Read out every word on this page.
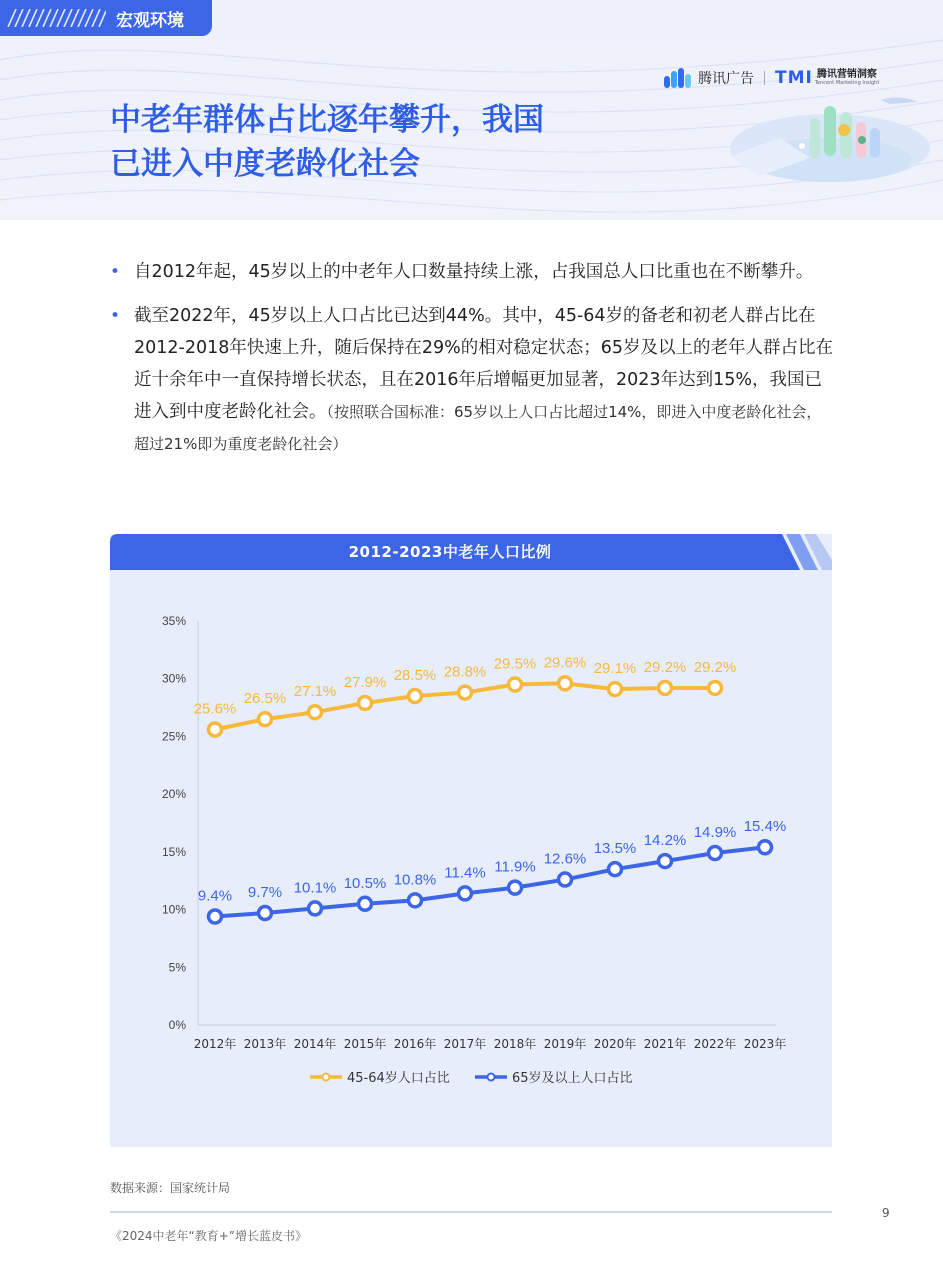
宏观环境
腾讯广告 TMI 腾讯营销洞察
Tencent Marketing Insight
中老年群体占比逐年攀升，我国
已进入中度老龄化社会
• 自2012年起，45岁以上的中老年人口数量持续上涨，占我国总人口比重也在不断攀升。
• 截至2022年，45岁以上人口占比已达到44%。其中，45-64岁的备老和初老人群占比在2012-2018年快速上升，随后保持在29%的相对稳定状态；65岁及以上的老年人群占比在近十余年中一直保持增长状态，且在2016年后增幅更加显著，2023年达到15%，我国已进入到中度老龄化社会。（按照联合国标准：65岁以上人口占比超过14%，即进入中度老龄化社会，超过21%即为重度老龄化社会）
2012-2023中老年人口比例
0%
5%
10%
15%
20%
25%
30%
35%
2012年 2013年 2014年 2015年 2016年 2017年 2018年 2019年 2020年 2021年 2022年 2023年
25.6%
26.5% 27.1%
27.9% 28.5% 28.8% 29.5% 29.6% 29.1% 29.2% 29.2%
9.4% 9.7% 10.1% 10.5% 10.8% 11.4% 11.9% 12.6%
13.5% 14.2% 14.9% 15.4%
45-64岁人口占比	65岁及以上人口占比
数据来源：国家统计局
《2024中老年“教育+”增长蓝皮书》
9
